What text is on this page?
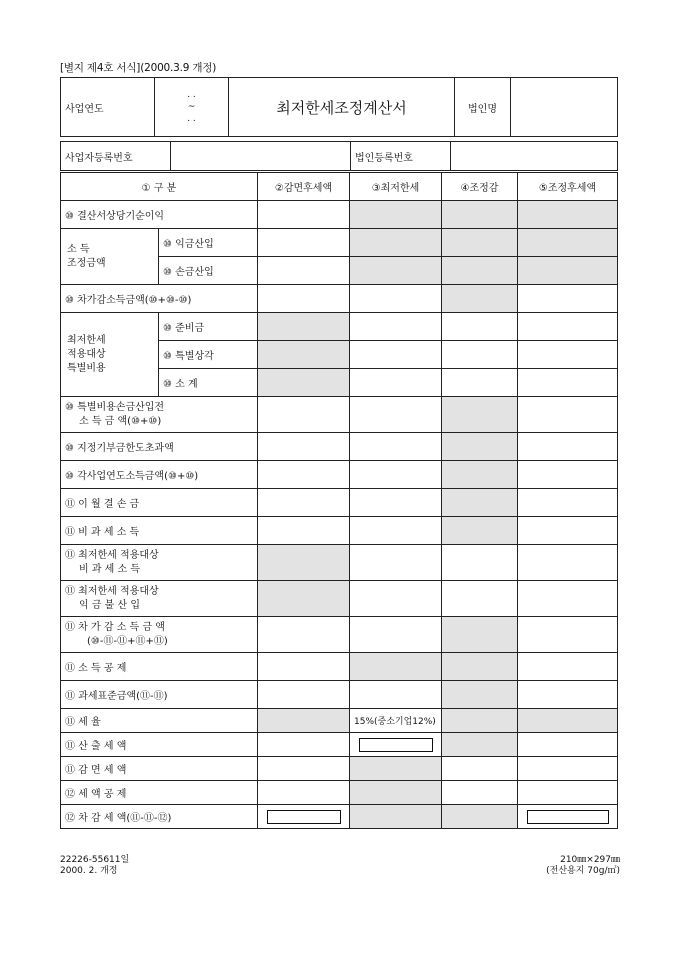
[별지 제4호 서식](2000.3.9 개정)
사업연도	
. .
~
. .
	최저한세조정계산서	법인명	
사업자등록번호		법인등록번호	
① 구 분		②감면후세액	③최저한세	④조정감	⑤조정후세액
⑩ 결산서상당기순이익					
소 득
조정금액	⑩ 익금산입				
	⑩ 손금산입				
⑩ 차가감소득금액(⑩+⑩-⑩)					
최저한세
적용대상
특별비용	⑩ 준비금				
	⑩ 특별상각				
	⑩ 소 계				

⑩ 특별비용손금산입전
소 득 금 액(⑩+⑩)					

⑩ 지정기부금한도초과액					
⑩ 각사업연도소득금액(⑩+⑩)					
⑪ 이 월 결 손 금					
⑪ 비 과 세 소 득					

⑪ 최저한세 적용대상
비 과 세 소 득					

⑪ 최저한세 적용대상
익 금 불 산 입					

⑪ 차 가 감 소 득 금 액
(⑩-⑪-⑪+⑪+⑪)					

⑪ 소 득 공 제					
⑪ 과세표준금액(⑪-⑪)					
⑪ 세 율			15%(중소기업12%)		
⑪ 산 출 세 액					
⑪ 감 면 세 액					
⑫ 세 액 공 제					
⑫ 차 감 세 액(⑪-⑪-⑫)					
22226-55611일
2000. 2. 개정
210㎜×297㎜
(전산용지 70g/㎡)
